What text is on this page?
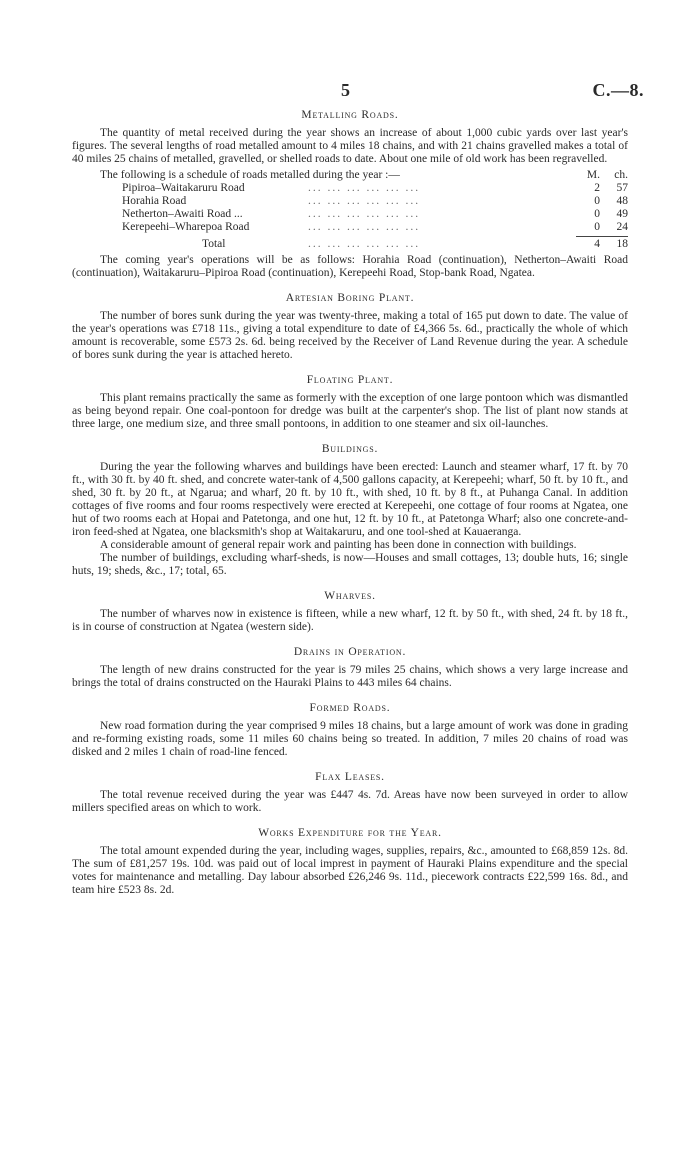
5	C.—8.
Metalling Roads.

The quantity of metal received during the year shows an increase of about 1,000 cubic yards over last year's figures. The several lengths of road metalled amount to 4 miles 18 chains, and with 21 chains gravelled makes a total of 40 miles 25 chains of metalled, gravelled, or shelled roads to date. About one mile of old work has been regravelled.

The following is a schedule of roads metalled during the year :—	M.	ch.
Pipiroa–Waitakaruru Road	... ... ... ... ... ...	2	57
Horahia Road	... ... ... ... ... ...	0	48
Netherton–Awaiti Road ...	... ... ... ... ... ...	0	49
Kerepeehi–Wharepoa Road	... ... ... ... ... ...	0	24
Total	... ... ... ... ... ...	4	18

The coming year's operations will be as follows: Horahia Road (continuation), Netherton–Awaiti Road (continuation), Waitakaruru–Pipiroa Road (continuation), Kerepeehi Road, Stop-bank Road, Ngatea.

Artesian Boring Plant.

The number of bores sunk during the year was twenty-three, making a total of 165 put down to date. The value of the year's operations was £718 11s., giving a total expenditure to date of £4,366 5s. 6d., practically the whole of which amount is recoverable, some £573 2s. 6d. being received by the Receiver of Land Revenue during the year. A schedule of bores sunk during the year is attached hereto.

Floating Plant.

This plant remains practically the same as formerly with the exception of one large pontoon which was dismantled as being beyond repair. One coal-pontoon for dredge was built at the carpenter's shop. The list of plant now stands at three large, one medium size, and three small pontoons, in addition to one steamer and six oil-launches.

Buildings.

During the year the following wharves and buildings have been erected: Launch and steamer wharf, 17 ft. by 70 ft., with 30 ft. by 40 ft. shed, and concrete water-tank of 4,500 gallons capacity, at Kerepeehi; wharf, 50 ft. by 10 ft., and shed, 30 ft. by 20 ft., at Ngarua; and wharf, 20 ft. by 10 ft., with shed, 10 ft. by 8 ft., at Puhanga Canal. In addition cottages of five rooms and four rooms respectively were erected at Kerepeehi, one cottage of four rooms at Ngatea, one hut of two rooms each at Hopai and Patetonga, and one hut, 12 ft. by 10 ft., at Patetonga Wharf; also one concrete-and-iron feed-shed at Ngatea, one blacksmith's shop at Waitakaruru, and one tool-shed at Kauaeranga.

A considerable amount of general repair work and painting has been done in connection with buildings.

The number of buildings, excluding wharf-sheds, is now—Houses and small cottages, 13; double huts, 16; single huts, 19; sheds, &c., 17; total, 65.

Wharves.

The number of wharves now in existence is fifteen, while a new wharf, 12 ft. by 50 ft., with shed, 24 ft. by 18 ft., is in course of construction at Ngatea (western side).

Drains in Operation.

The length of new drains constructed for the year is 79 miles 25 chains, which shows a very large increase and brings the total of drains constructed on the Hauraki Plains to 443 miles 64 chains.

Formed Roads.

New road formation during the year comprised 9 miles 18 chains, but a large amount of work was done in grading and re-forming existing roads, some 11 miles 60 chains being so treated. In addition, 7 miles 20 chains of road was disked and 2 miles 1 chain of road-line fenced.

Flax Leases.

The total revenue received during the year was £447 4s. 7d. Areas have now been surveyed in order to allow millers specified areas on which to work.

Works Expenditure for the Year.

The total amount expended during the year, including wages, supplies, repairs, &c., amounted to £68,859 12s. 8d. The sum of £81,257 19s. 10d. was paid out of local imprest in payment of Hauraki Plains expenditure and the special votes for maintenance and metalling. Day labour absorbed £26,246 9s. 11d., piecework contracts £22,599 16s. 8d., and team hire £523 8s. 2d.
